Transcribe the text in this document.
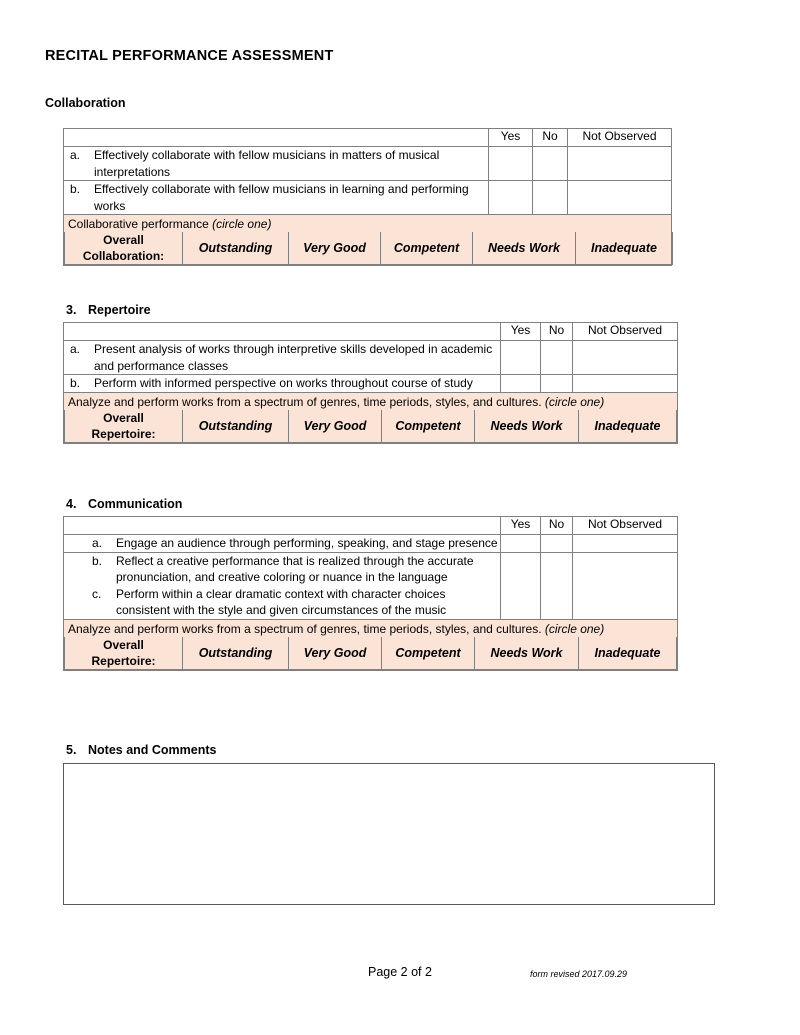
RECITAL PERFORMANCE ASSESSMENT
Collaboration
	Yes	No	Not Observed

a. Effectively collaborate with fellow musicians in matters of musical interpretations

b. Effectively collaborate with fellow musicians in learning and performing works

Collaborative performance (circle one)

Overall
Collaboration:	Outstanding	Very Good	Competent	Needs Work	Inadequate
3. Repertoire
	Yes	No	Not Observed

a. Present analysis of works through interpretive skills developed in academic and performance classes

b. Perform with informed perspective on works throughout course of study

Analyze and perform works from a spectrum of genres, time periods, styles, and cultures. (circle one)

Overall
Repertoire:	Outstanding	Very Good	Competent	Needs Work	Inadequate
4. Communication
	Yes	No	Not Observed

a. Engage an audience through performing, speaking, and stage presence

b. Reflect a creative performance that is realized through the accurate pronunciation, and creative coloring or nuance in the language
c. Perform within a clear dramatic context with character choices consistent with the style and given circumstances of the music

Analyze and perform works from a spectrum of genres, time periods, styles, and cultures. (circle one)

Overall
Repertoire:	Outstanding	Very Good	Competent	Needs Work	Inadequate
5. Notes and Comments
Page 2 of 2	form revised 2017.09.29
